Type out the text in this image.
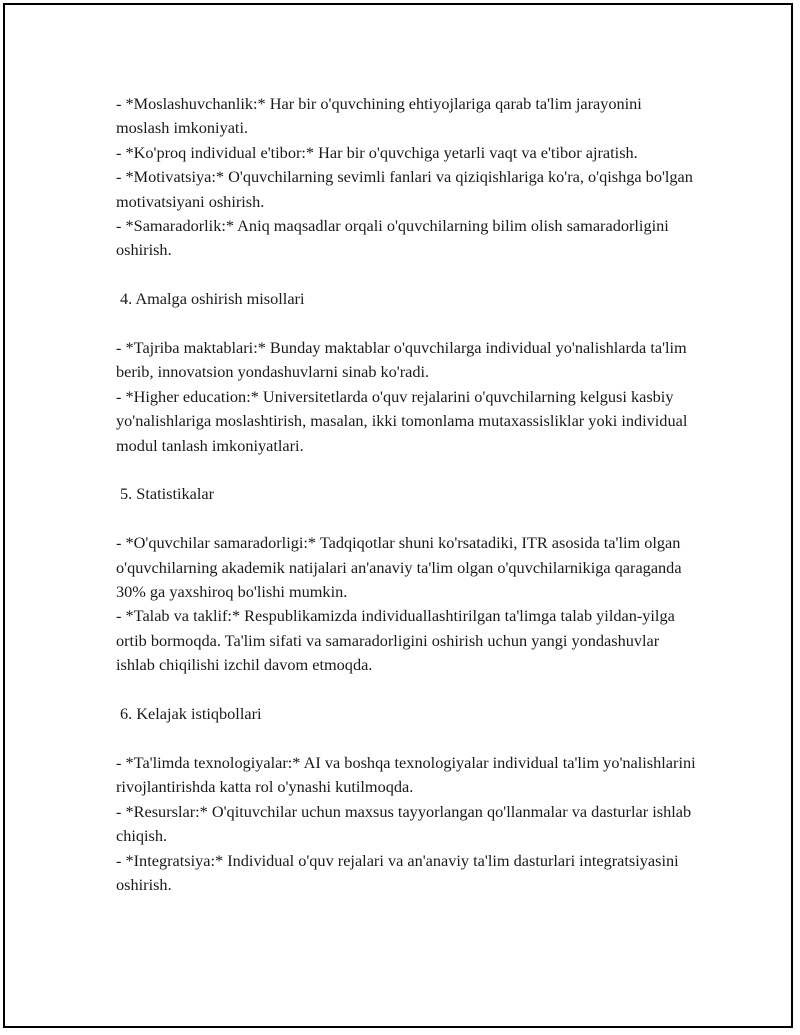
- *Moslashuvchanlik:* Har bir o'quvchining ehtiyojlariga qarab ta'lim jarayonini moslash imkoniyati.

- *Ko'proq individual e'tibor:* Har bir o'quvchiga yetarli vaqt va e'tibor ajratish.

- *Motivatsiya:* O'quvchilarning sevimli fanlari va qiziqishlariga ko'ra, o'qishga bo'lgan motivatsiyani oshirish.

- *Samaradorlik:* Aniq maqsadlar orqali o'quvchilarning bilim olish samaradorligini oshirish.

4. Amalga oshirish misollari

- *Tajriba maktablari:* Bunday maktablar o'quvchilarga individual yo'nalishlarda ta'lim berib, innovatsion yondashuvlarni sinab ko'radi.

- *Higher education:* Universitetlarda o'quv rejalarini o'quvchilarning kelgusi kasbiy yo'nalishlariga moslashtirish, masalan, ikki tomonlama mutaxassisliklar yoki individual modul tanlash imkoniyatlari.

5. Statistikalar

- *O'quvchilar samaradorligi:* Tadqiqotlar shuni ko'rsatadiki, ITR asosida ta'lim olgan o'quvchilarning akademik natijalari an'anaviy ta'lim olgan o'quvchilarnikiga qaraganda 30% ga yaxshiroq bo'lishi mumkin.

- *Talab va taklif:* Respublikamizda individuallashtirilgan ta'limga talab yildan-yilga ortib bormoqda. Ta'lim sifati va samaradorligini oshirish uchun yangi yondashuvlar ishlab chiqilishi izchil davom etmoqda.

6. Kelajak istiqbollari

- *Ta'limda texnologiyalar:* AI va boshqa texnologiyalar individual ta'lim yo'nalishlarini rivojlantirishda katta rol o'ynashi kutilmoqda.

- *Resurslar:* O'qituvchilar uchun maxsus tayyorlangan qo'llanmalar va dasturlar ishlab chiqish.

- *Integratsiya:* Individual o'quv rejalari va an'anaviy ta'lim dasturlari integratsiyasini oshirish.
